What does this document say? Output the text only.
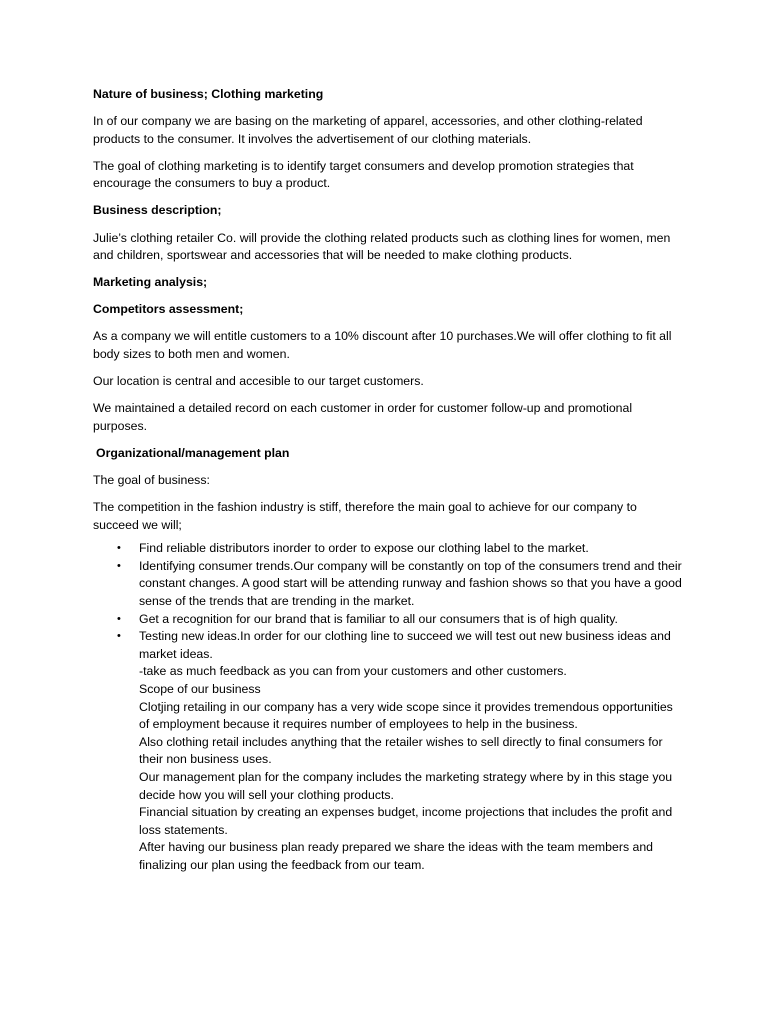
Nature of business; Clothing marketing

In of our company we are basing on the marketing of apparel, accessories, and other clothing-related products to the consumer. It involves the advertisement of our clothing materials.

The goal of clothing marketing is to identify target consumers and develop promotion strategies that encourage the consumers to buy a product.

Business description;

Julie’s clothing retailer Co. will provide the clothing related products such as clothing lines for women, men and children, sportswear and accessories that will be needed to make clothing products.

Marketing analysis;

Competitors assessment;

As a company we will entitle customers to a 10% discount after 10 purchases.We will offer clothing to fit all body sizes to both men and women.

Our location is central and accesible to our target customers.

We maintained a detailed record on each customer in order for customer follow-up and promotional purposes.

Organizational/management plan

The goal of business:

The competition in the fashion industry is stiff, therefore the main goal to achieve for our company to succeed we will;

• Find reliable distributors inorder to order to expose our clothing label to the market.
• Identifying consumer trends.Our company will be constantly on top of the consumers trend and their constant changes. A good start will be attending runway and fashion shows so that you have a good sense of the trends that are trending in the market.
• Get a recognition for our brand that is familiar to all our consumers that is of high quality.
• Testing new ideas.In order for our clothing line to succeed we will test out new business ideas and market ideas.
-take as much feedback as you can from your customers and other customers.
Scope of our business
Clotjing retailing in our company has a very wide scope since it provides tremendous opportunities of employment because it requires number of employees to help in the business.
Also clothing retail includes anything that the retailer wishes to sell directly to final consumers for their non business uses.
Our management plan for the company includes the marketing strategy where by in this stage you decide how you will sell your clothing products.
Financial situation by creating an expenses budget, income projections that includes the profit and loss statements.
After having our business plan ready prepared we share the ideas with the team members and finalizing our plan using the feedback from our team.
